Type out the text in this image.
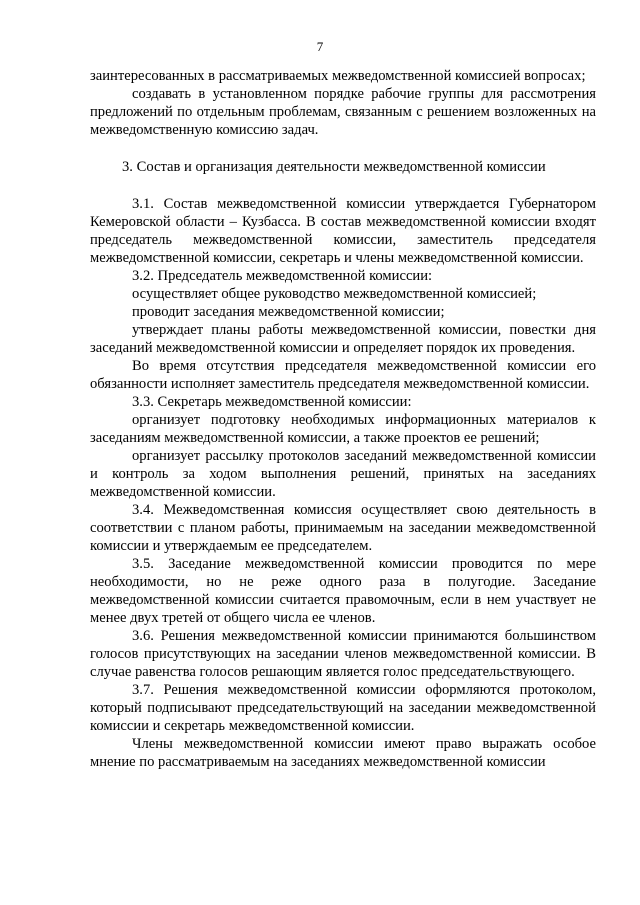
7

заинтересованных в рассматриваемых межведомственной комиссией вопросах;

создавать в установленном порядке рабочие группы для рассмотрения предложений по отдельным проблемам, связанным с решением возложенных на межведомственную комиссию задач.

3. Состав и организация деятельности межведомственной комиссии

3.1. Состав межведомственной комиссии утверждается Губернатором Кемеровской области – Кузбасса. В состав межведомственной комиссии входят председатель межведомственной комиссии, заместитель председателя межведомственной комиссии, секретарь и члены межведомственной комиссии.

3.2. Председатель межведомственной комиссии:

осуществляет общее руководство межведомственной комиссией;

проводит заседания межведомственной комиссии;

утверждает планы работы межведомственной комиссии, повестки дня заседаний межведомственной комиссии и определяет порядок их проведения.

Во время отсутствия председателя межведомственной комиссии его обязанности исполняет заместитель председателя межведомственной комиссии.

3.3. Секретарь межведомственной комиссии:

организует подготовку необходимых информационных материалов к заседаниям межведомственной комиссии, а также проектов ее решений;

организует рассылку протоколов заседаний межведомственной комиссии и контроль за ходом выполнения решений, принятых на заседаниях межведомственной комиссии.

3.4. Межведомственная комиссия осуществляет свою деятельность в соответствии с планом работы, принимаемым на заседании межведомственной комиссии и утверждаемым ее председателем.

3.5. Заседание межведомственной комиссии проводится по мере необходимости, но не реже одного раза в полугодие. Заседание межведомственной комиссии считается правомочным, если в нем участвует не менее двух третей от общего числа ее членов.

3.6. Решения межведомственной комиссии принимаются большинством голосов присутствующих на заседании членов межведомственной комиссии. В случае равенства голосов решающим является голос председательствующего.

3.7. Решения межведомственной комиссии оформляются протоколом, который подписывают председательствующий на заседании межведомственной комиссии и секретарь межведомственной комиссии.

Члены межведомственной комиссии имеют право выражать особое мнение по рассматриваемым на заседаниях межведомственной комиссии
